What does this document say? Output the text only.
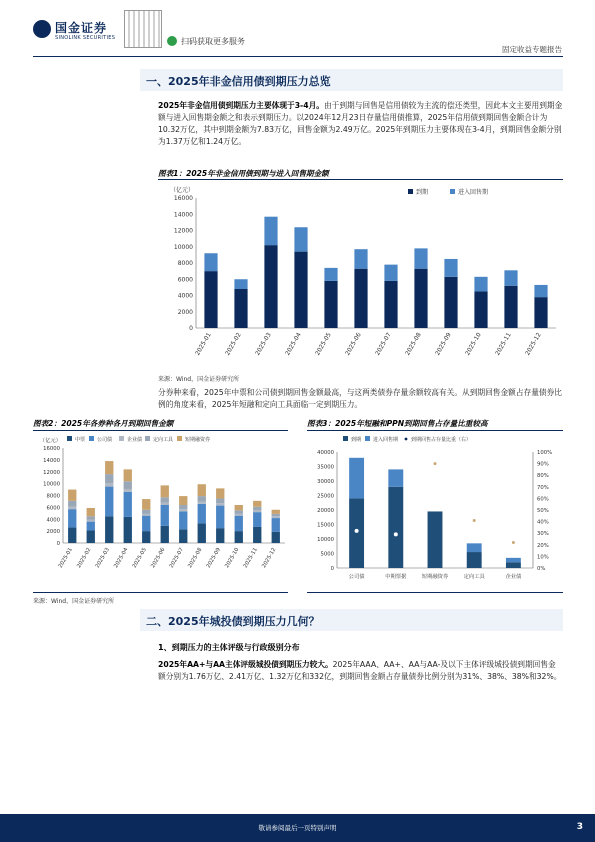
国金证券
SINOLINK SECURITIES	扫码获取更多服务
固定收益专题报告
一、2025年非金信用债到期压力总览
2025年非金信用债到期压力主要体现于3-4月。由于到期与回售是信用债较为主流的偿还类型，因此本文主要用到期金额与进入回售期金额之和表示到期压力。以2024年12月23日存量信用债推算，2025年信用债到期回售金额合计为10.32万亿，其中到期金额为7.83万亿，回售金额为2.49万亿。2025年到期压力主要体现在3-4月，到期回售金额分别为1.37万亿和1.24万亿。
图表1：2025年非金信用债到期与进入回售期金额
0
2000
4000
6000
8000
10000
12000
14000
16000
（亿元）
2025-01 2025-02 2025-03 2025-04 2025-05 2025-06 2025-07 2025-08 2025-09 2025-10 2025-11 2025-12
到期	进入回售期
来源：Wind，国金证券研究所
分券种来看，2025年中票和公司债到期回售金额最高，与这两类债券存量余额较高有关。从到期回售金额占存量债券比例的角度来看，2025年短融和定向工具面临一定到期压力。
图表2：2025年各券种各月到期回售金额	图表3：2025年短融和PPN到期回售占存量比重较高
0
2000
4000
6000
8000
10000
12000
14000
16000
（亿元）
2025-01 2025-02 2025-03 2025-04 2025-05 2025-06 2025-07 2025-08 2025-09 2025-10 2025-11 2025-12
中票 公司债	企业债 定向工具 短期融资券
0
5000
10000
15000
20000
25000
30000
35000
40000
公司债	中期票据	短期融资券	定向工具	企业债
到期 进入回售期	到期回售占存量比重（右）
0%
10%
20%
30%
40%
50%
60%
70%
80%
90%
100%
来源：Wind，国金证券研究所
二、2025年城投债到期压力几何？
1、到期压力的主体评级与行政级别分布
2025年AA+与AA主体评级城投债到期压力较大。2025年AAA、AA+、AA与AA-及以下主体评级城投债到期回售金额分别为1.76万亿、2.41万亿、1.32万亿和332亿，到期回售金额占存量债券比例分别为31%、38%、38%和32%。
敬请参阅最后一页特别声明	3
